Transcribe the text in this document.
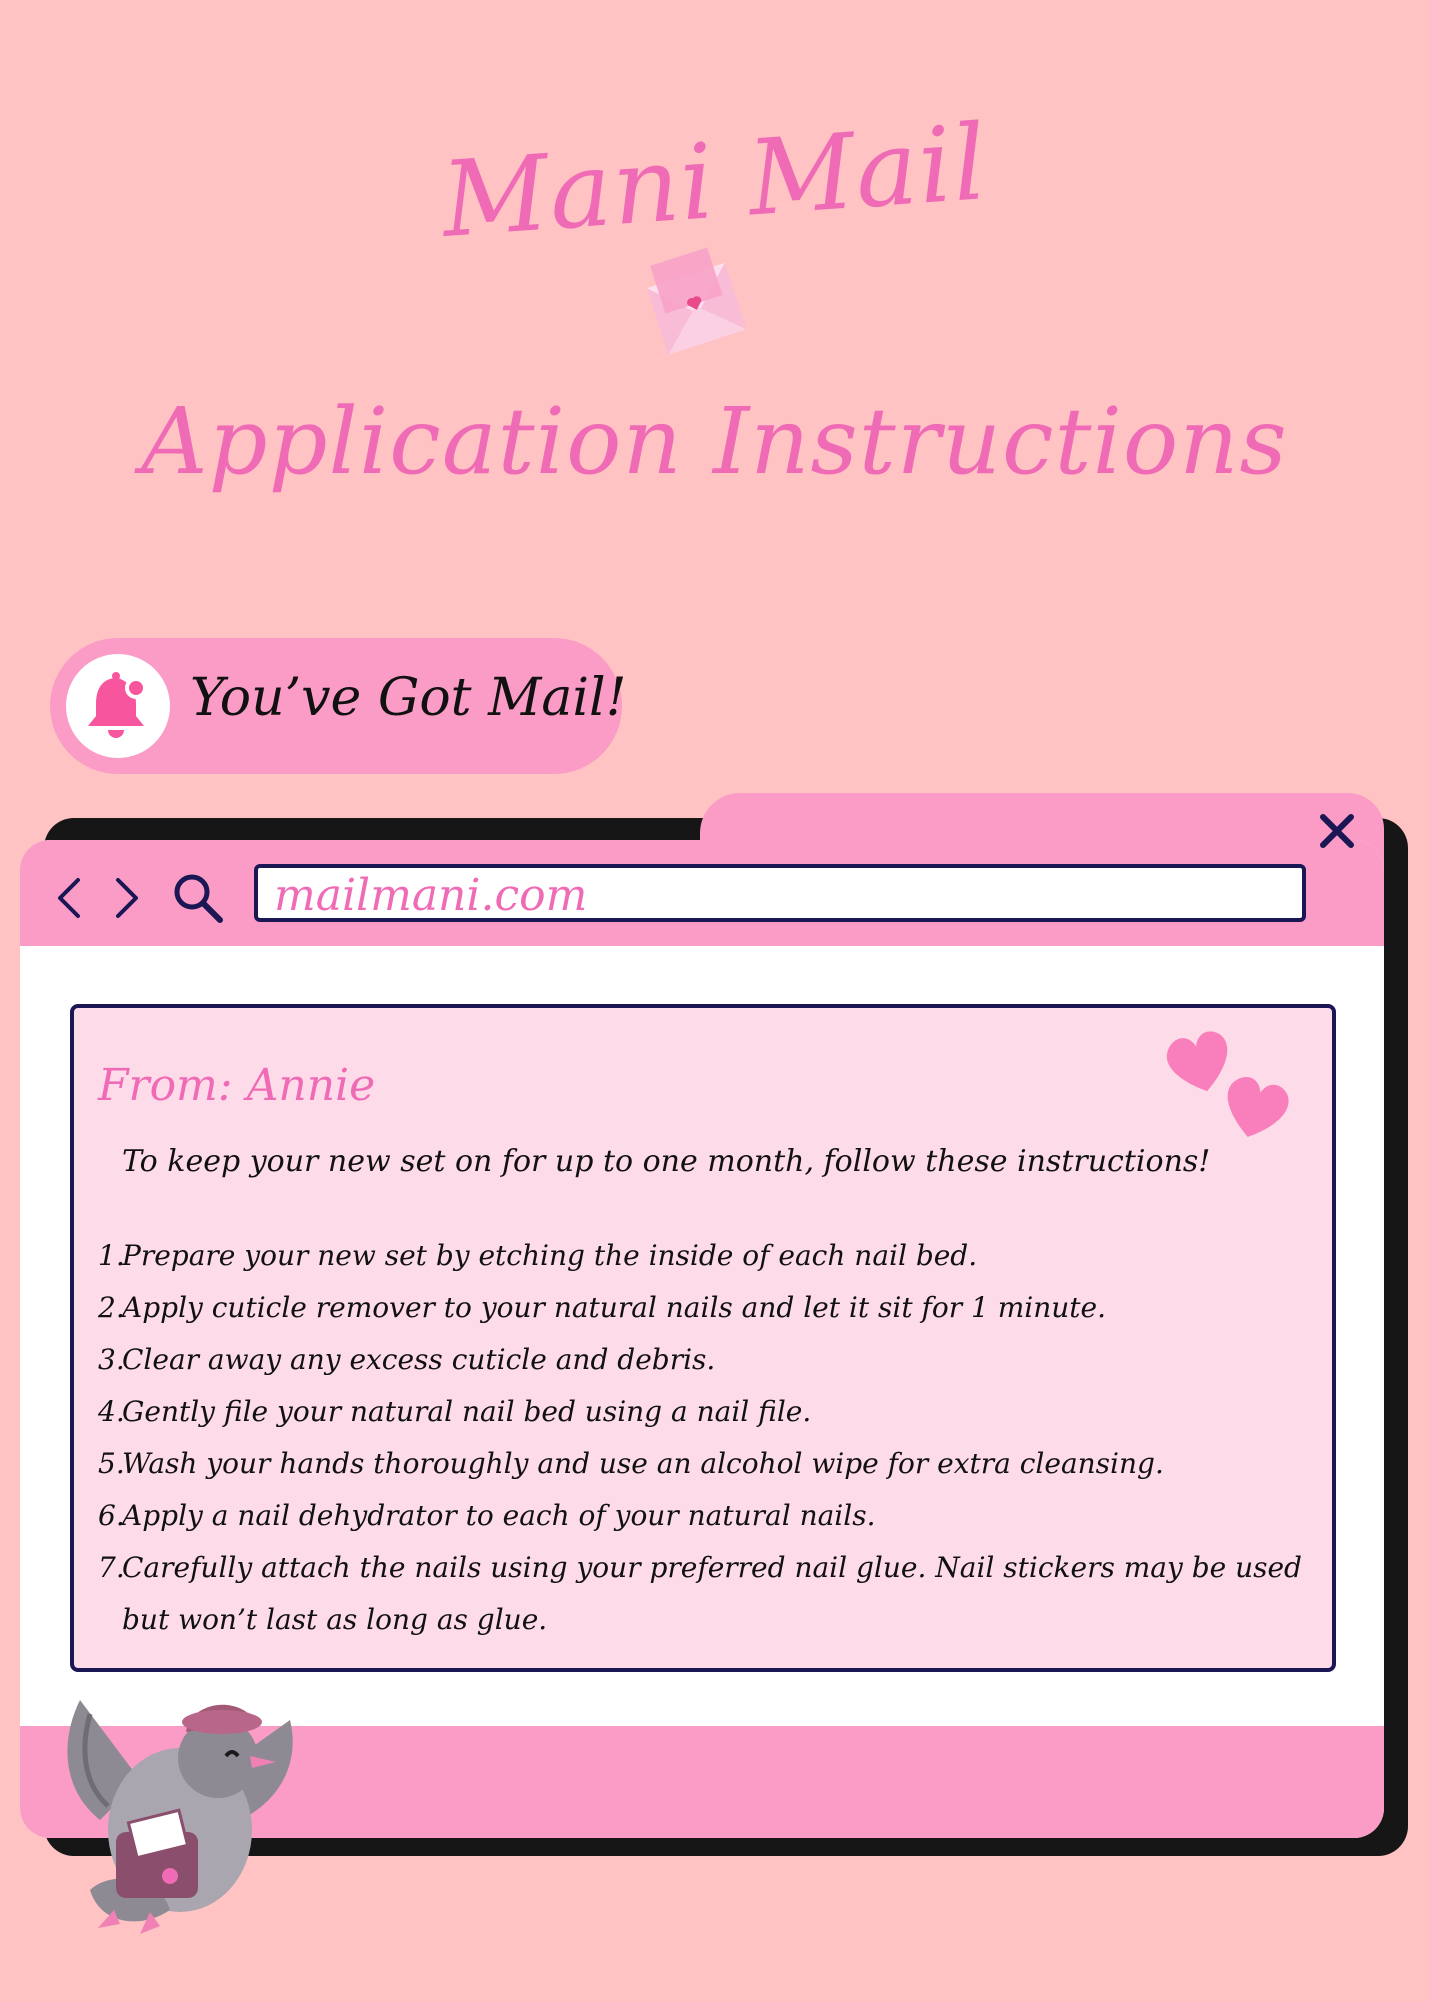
Mani Mail
Application Instructions
You’ve Got Mail!
mailmani.com
From: Annie
To keep your new set on for up to one month, follow these instructions!
1.
Prepare your new set by etching the inside of each nail bed.
2.
Apply cuticle remover to your natural nails and let it sit for 1 minute.
3.
Clear away any excess cuticle and debris.
4.
Gently file your natural nail bed using a nail file.
5.
Wash your hands thoroughly and use an alcohol wipe for extra cleansing.
6.
Apply a nail dehydrator to each of your natural nails.
7.
Carefully attach the nails using your preferred nail glue. Nail stickers may be used but won’t last as long as glue.
